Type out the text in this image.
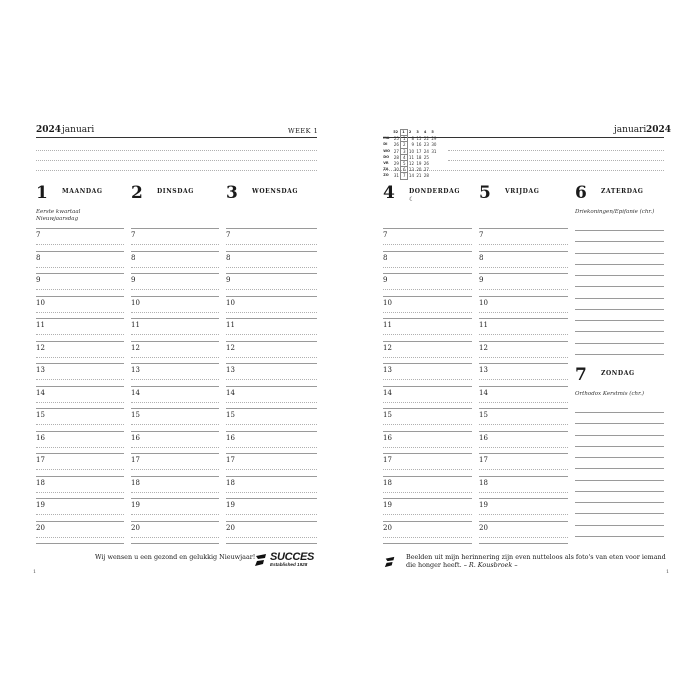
2024 januari	WEEK 1	januari 2024
	52	1	2	3	4	5
MA	25	1	8	15	22	29
DI	26	2	9	16	23	30
WO	27	3	10	17	24	31
DO	28	4	11	18	25	
VR	29	5	12	19	26	
ZA	30	6	13	20	27	
ZO	31	7	14	21	28	
1 MAANDAG
Eerste kwartaal
Nieuwjaarsdag
7
8
9
10
11
12
13
14
15
16
17
18
19
20
2 DINSDAG
7
8
9
10
11
12
13
14
15
16
17
18
19
20
3 WOENSDAG
7
8
9
10
11
12
13
14
15
16
17
18
19
20
4 DONDERDAG
☾
7
8
9
10
11
12
13
14
15
16
17
18
19
20
5 VRIJDAG
7
8
9
10
11
12
13
14
15
16
17
18
19
20
6 ZATERDAG
Driekoningen/Epifanie (chr.)
7 ZONDAG
Orthodox Kerstmis (chr.)
Wij wensen u een gezond en gelukkig Nieuwjaar! SUCCES
Established 1928
1
Beelden uit mijn herinnering zijn even nutteloos als foto's van eten voor iemand die honger heeft. – R. Kousbroek –
1
